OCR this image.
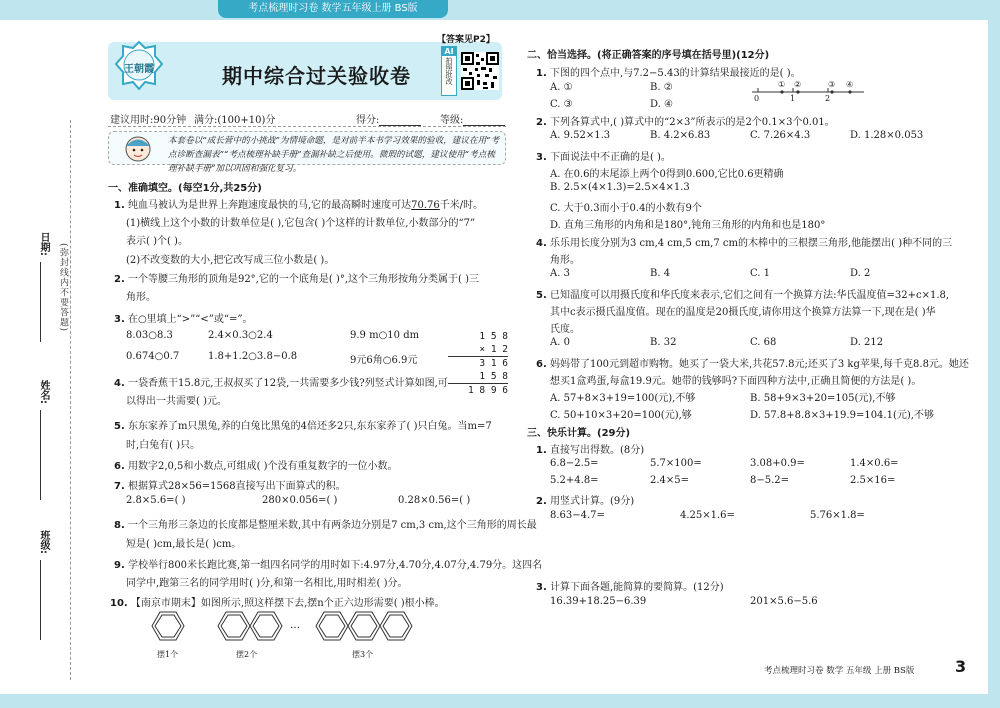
考点梳理时习卷 数学五年级上册 BS版
王朝霞
【答案见P2】
期中综合过关验收卷
AI
拍照批改
建议用时:90分钟 满分:(100+10)分	得分:	等级:
本套卷以“成长营中的小挑战”为情境命题，是对前半本书学习效果的验收，建议在用“考点诊断查漏表”“考点梳理补缺手册”查漏补缺之后使用。微瑕的试题，建议使用“考点梳理补缺手册”加以巩固和强化复习。
日期:
姓名:
班级:
(弥封线内不要答题)
一、准确填空。(每空1分,共25分)
1. 纯血马被认为是世界上奔跑速度最快的马,它的最高瞬时速度可达70.76千米/时。
(1)横线上这个小数的计数单位是( ),它包含( )个这样的计数单位,小数部分的“7”
表示( )个( )。
(2)不改变数的大小,把它改写成三位小数是( )。
2. 一个等腰三角形的顶角是92°,它的一个底角是( )°,这个三角形按角分类属于( )三
角形。
3. 在○里填上“>”“<”或“=”。
8.03○8.3	2.4×0.3○2.4	9.9 m○10 dm
0.674○0.7	1.8+1.2○3.8−0.8	9元6角○6.9元
1 5 8
× 1 2
3 1 6
1 5 8
1 8 9 6
4. 一袋香蕉干15.8元,王叔叔买了12袋,一共需要多少钱?列竖式计算如图,可
以得出一共需要( )元。
5. 东东家养了m只黑兔,养的白兔比黑兔的4倍还多2只,东东家养了( )只白兔。当m=7
时,白兔有( )只。
6. 用数字2,0,5和小数点,可组成( )个没有重复数字的一位小数。
7. 根据算式28×56=1568直接写出下面算式的积。
2.8×5.6=( )	280×0.056=( )	0.28×0.56=( )
8. 一个三角形三条边的长度都是整厘米数,其中有两条边分别是7 cm,3 cm,这个三角形的周长最
短是( )cm,最长是( )cm。
9. 学校举行800米长跑比赛,第一组四名同学的用时如下:4.97分,4.70分,4.07分,4.79分。这四名
同学中,跑第三名的同学用时( )分,和第一名相比,用时相差( )分。
10. 【南京市期末】如图所示,照这样摆下去,摆n个正六边形需要( )根小棒。
…
摆1个	摆2个	摆3个
二、恰当选择。(将正确答案的序号填在括号里)(12分)
1. 下图的四个点中,与7.2−5.43的计算结果最接近的是( )。
A. ①	B. ②
C. ③	D. ④
0	1	2
① ②	③ ④
2. 下列各算式中,( )算式中的“2×3”所表示的是2个0.1×3个0.01。
A. 9.52×1.3	B. 4.2×6.83	C. 7.26×4.3	D. 1.28×0.053
3. 下面说法中不正确的是( )。
A. 在0.6的末尾添上两个0得到0.600,它比0.6更精确
B. 2.5×(4×1.3)=2.5×4×1.3
C. 大于0.3而小于0.4的小数有9个
D. 直角三角形的内角和是180°,钝角三角形的内角和也是180°
4. 乐乐用长度分别为3 cm,4 cm,5 cm,7 cm的木棒中的三根摆三角形,他能摆出( )种不同的三
角形。
A. 3	B. 4	C. 1	D. 2
5. 已知温度可以用摄氏度和华氏度来表示,它们之间有一个换算方法:华氏温度值=32+c×1.8,
其中c表示摄氏温度值。现在的温度是20摄氏度,请你用这个换算方法算一下,现在是( )华
氏度。
A. 0	B. 32	C. 68	D. 212
6. 妈妈带了100元到超市购物。她买了一袋大米,共花57.8元;还买了3 kg苹果,每千克8.8元。她还
想买1盒鸡蛋,每盒19.9元。她带的钱够吗?下面四种方法中,正确且简便的方法是( )。
A. 57+8×3+19=100(元),不够	B. 58+9×3+20=105(元),不够
C. 50+10×3+20=100(元),够	D. 57.8+8.8×3+19.9=104.1(元),不够
三、快乐计算。(29分)
1. 直接写出得数。(8分)
6.8−2.5=	5.7×100=	3.08+0.9=	1.4×0.6=
5.2+4.8=	2.4×5=	8−5.2=	2.5×16=
2. 用竖式计算。(9分)
8.63−4.7=	4.25×1.6=	5.76×1.8=
3. 计算下面各题,能简算的要简算。(12分)
16.39+18.25−6.39	201×5.6−5.6
考点梳理时习卷 数学 五年级 上册 BS版	3
